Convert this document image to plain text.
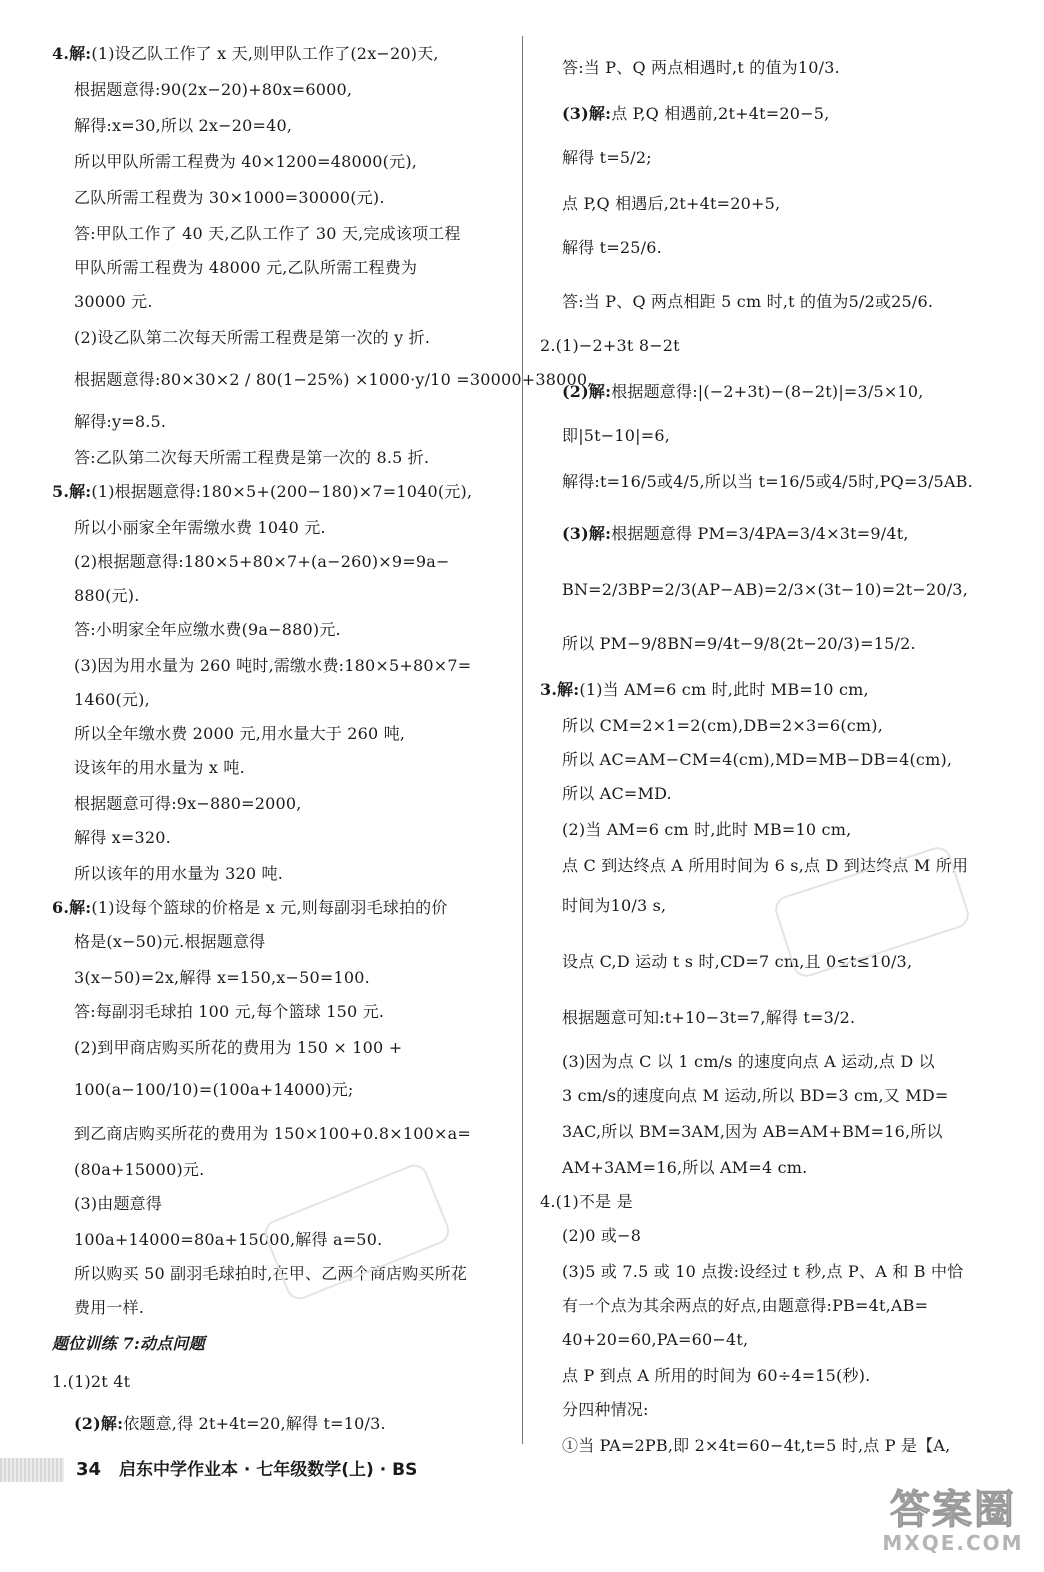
4.解:(1)设乙队工作了 x 天,则甲队工作了(2x−20)天,
根据题意得:90(2x−20)+80x=6000,
解得:x=30,所以 2x−20=40,
所以甲队所需工程费为 40×1200=48000(元),
乙队所需工程费为 30×1000=30000(元).
答:甲队工作了 40 天,乙队工作了 30 天,完成该项工程
甲队所需工程费为 48000 元,乙队所需工程费为
30000 元.
(2)设乙队第二次每天所需工程费是第一次的 y 折.
根据题意得:80×30×2 / 80(1−25%) ×1000·y/10 =30000+38000,
解得:y=8.5.
答:乙队第二次每天所需工程费是第一次的 8.5 折.
5.解:(1)根据题意得:180×5+(200−180)×7=1040(元),
所以小丽家全年需缴水费 1040 元.
(2)根据题意得:180×5+80×7+(a−260)×9=9a−
880(元).
答:小明家全年应缴水费(9a−880)元.
(3)因为用水量为 260 吨时,需缴水费:180×5+80×7=
1460(元),
所以全年缴水费 2000 元,用水量大于 260 吨,
设该年的用水量为 x 吨.
根据题意可得:9x−880=2000,
解得 x=320.
所以该年的用水量为 320 吨.
6.解:(1)设每个篮球的价格是 x 元,则每副羽毛球拍的价
格是(x−50)元.根据题意得
3(x−50)=2x,解得 x=150,x−50=100.
答:每副羽毛球拍 100 元,每个篮球 150 元.
(2)到甲商店购买所花的费用为 150 × 100 +
100(a−100/10)=(100a+14000)元;
到乙商店购买所花的费用为 150×100+0.8×100×a=
(80a+15000)元.
(3)由题意得
100a+14000=80a+15000,解得 a=50.
所以购买 50 副羽毛球拍时,在甲、乙两个商店购买所花
费用一样.
题位训练 7:动点问题
1.(1)2t 4t
(2)解:依题意,得 2t+4t=20,解得 t=10/3.
答:当 P、Q 两点相遇时,t 的值为10/3.
(3)解:点 P,Q 相遇前,2t+4t=20−5,
解得 t=5/2;
点 P,Q 相遇后,2t+4t=20+5,
解得 t=25/6.
答:当 P、Q 两点相距 5 cm 时,t 的值为5/2或25/6.
2.(1)−2+3t 8−2t
(2)解:根据题意得:|(−2+3t)−(8−2t)|=3/5×10,
即|5t−10|=6,
解得:t=16/5或4/5,所以当 t=16/5或4/5时,PQ=3/5AB.
(3)解:根据题意得 PM=3/4PA=3/4×3t=9/4t,
BN=2/3BP=2/3(AP−AB)=2/3×(3t−10)=2t−20/3,
所以 PM−9/8BN=9/4t−9/8(2t−20/3)=15/2.
3.解:(1)当 AM=6 cm 时,此时 MB=10 cm,
所以 CM=2×1=2(cm),DB=2×3=6(cm),
所以 AC=AM−CM=4(cm),MD=MB−DB=4(cm),
所以 AC=MD.
(2)当 AM=6 cm 时,此时 MB=10 cm,
点 C 到达终点 A 所用时间为 6 s,点 D 到达终点 M 所用
时间为10/3 s,
设点 C,D 运动 t s 时,CD=7 cm,且 0≤t≤10/3,
根据题意可知:t+10−3t=7,解得 t=3/2.
(3)因为点 C 以 1 cm/s 的速度向点 A 运动,点 D 以
3 cm/s的速度向点 M 运动,所以 BD=3 cm,又 MD=
3AC,所以 BM=3AM,因为 AB=AM+BM=16,所以
AM+3AM=16,所以 AM=4 cm.
4.(1)不是 是
(2)0 或−8
(3)5 或 7.5 或 10 点拨:设经过 t 秒,点 P、A 和 B 中恰
有一个点为其余两点的好点,由题意得:PB=4t,AB=
40+20=60,PA=60−4t,
点 P 到点 A 所用的时间为 60÷4=15(秒).
分四种情况:
①当 PA=2PB,即 2×4t=60−4t,t=5 时,点 P 是【A,
34 启东中学作业本 · 七年级数学(上) · BS
答案圈
MXQE.COM
